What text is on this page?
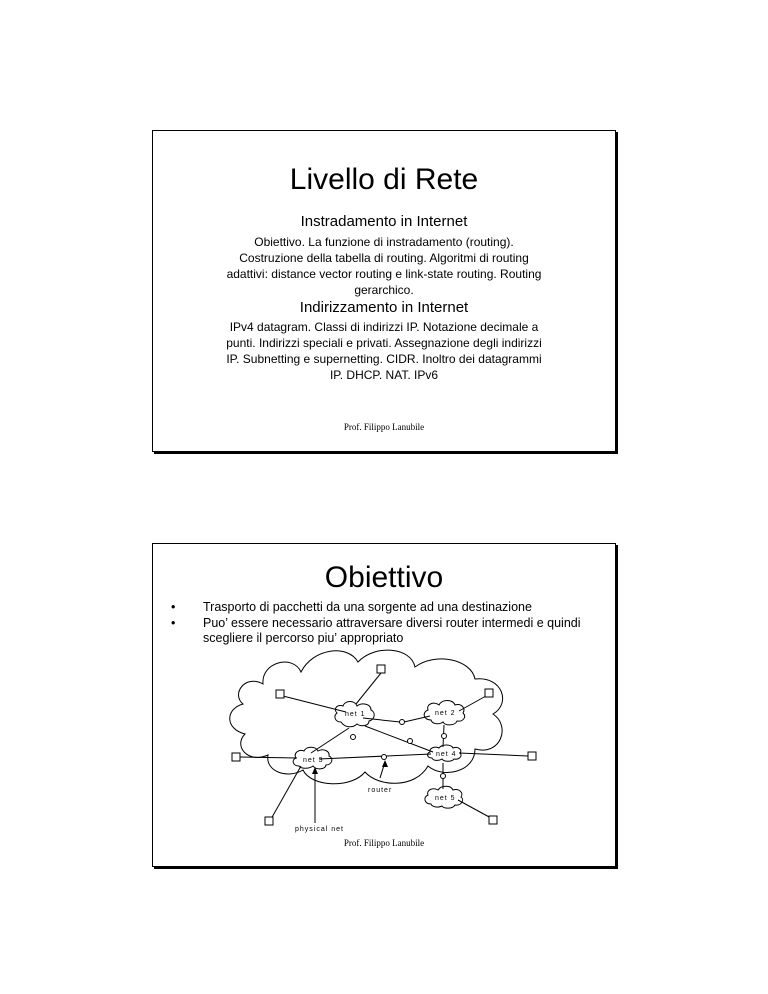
Livello di Rete
Instradamento in Internet
Obiettivo. La funzione di instradamento (routing).
Costruzione della tabella di routing. Algoritmi di routing
adattivi: distance vector routing e link-state routing. Routing
gerarchico.
Indirizzamento in Internet
IPv4 datagram. Classi di indirizzi IP. Notazione decimale a
punti. Indirizzi speciali e privati. Assegnazione degli indirizzi
IP. Subnetting e supernetting. CIDR. Inoltro dei datagrammi
IP. DHCP. NAT. IPv6
Prof. Filippo Lanubile
Obiettivo
• Trasporto di pacchetti da una sorgente ad una destinazione
• Puo’ essere necessario attraversare diversi router intermedi e quindi scegliere il percorso piu’ appropriato
net 1	net 2
net 3
net 4
net 5
router
physical net
Prof. Filippo Lanubile
